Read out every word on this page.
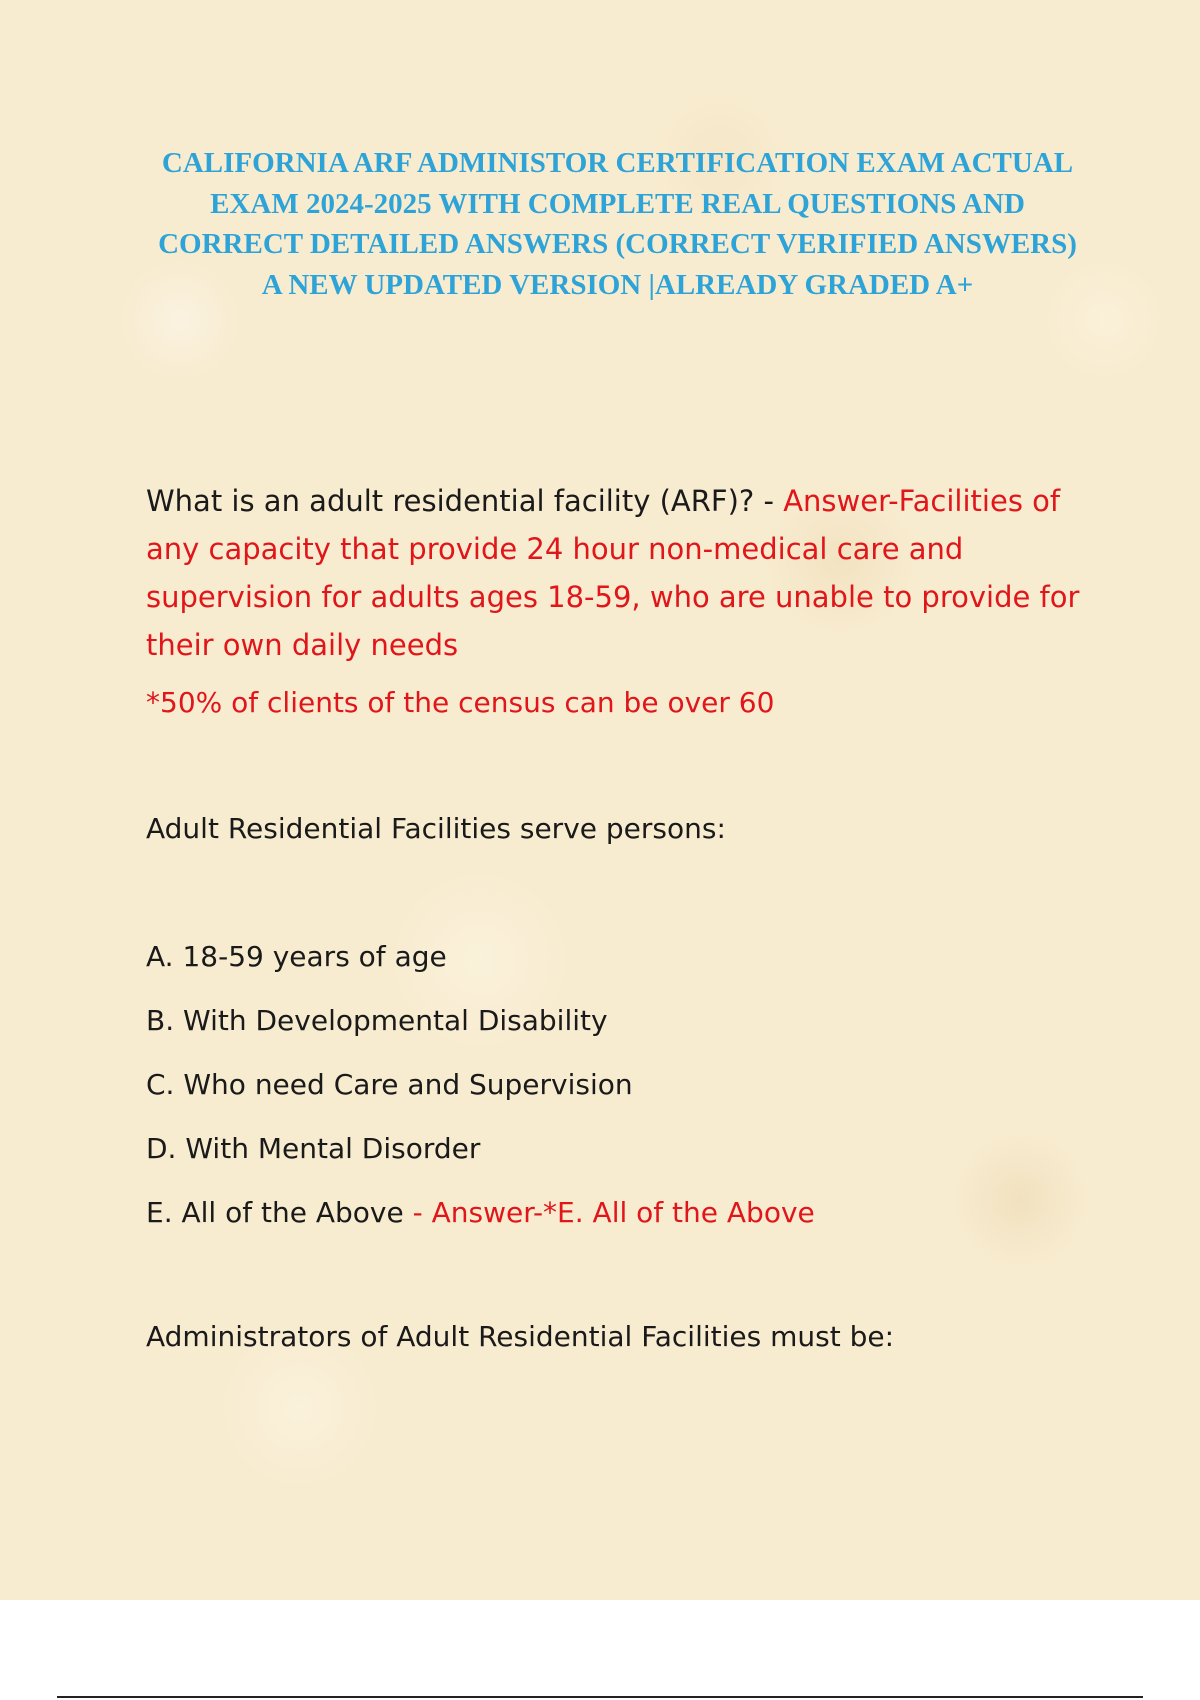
CALIFORNIA ARF ADMINISTOR CERTIFICATION EXAM ACTUAL EXAM 2024-2025 WITH COMPLETE REAL QUESTIONS AND CORRECT DETAILED ANSWERS (CORRECT VERIFIED ANSWERS) A NEW UPDATED VERSION |ALREADY GRADED A+

What is an adult residential facility (ARF)? - Answer-Facilities of any capacity that provide 24 hour non-medical care and supervision for adults ages 18-59, who are unable to provide for their own daily needs

*50% of clients of the census can be over 60

Adult Residential Facilities serve persons:

A. 18-59 years of age

B. With Developmental Disability

C. Who need Care and Supervision

D. With Mental Disorder

E. All of the Above - Answer-*E. All of the Above

Administrators of Adult Residential Facilities must be:
